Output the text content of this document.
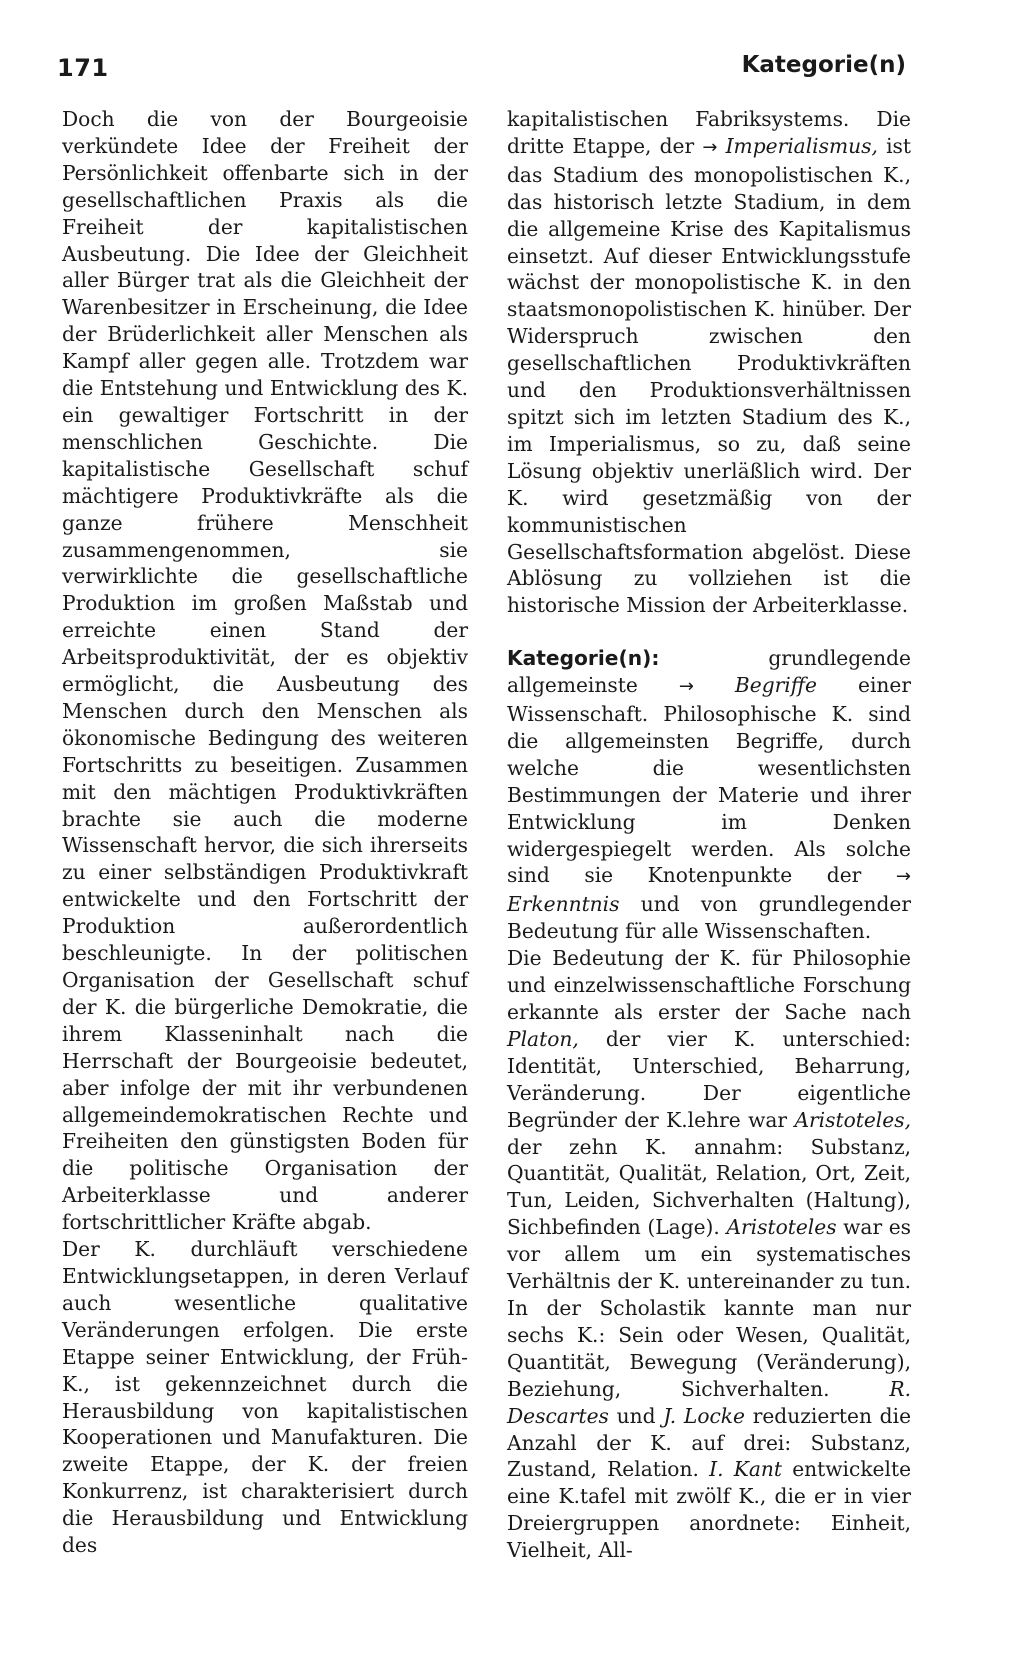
171	Kategorie(n)

Doch die von der Bourgeoisie verkündete Idee der Freiheit der Persönlichkeit offenbarte sich in der gesellschaftlichen Praxis als die Freiheit der kapitalistischen Ausbeutung. Die Idee der Gleichheit aller Bürger trat als die Gleichheit der Warenbesitzer in Erscheinung, die Idee der Brüderlichkeit aller Menschen als Kampf aller gegen alle. Trotzdem war die Entstehung und Entwicklung des K. ein gewaltiger Fortschritt in der menschlichen Geschichte. Die kapitalistische Gesellschaft schuf mächtigere Produktivkräfte als die ganze frühere Menschheit zusammengenommen, sie verwirklichte die gesellschaftliche Produktion im großen Maßstab und erreichte einen Stand der Arbeitsproduktivität, der es objektiv ermöglicht, die Ausbeutung des Menschen durch den Menschen als ökonomische Bedingung des weiteren Fortschritts zu beseitigen. Zusammen mit den mächtigen Produktivkräften brachte sie auch die moderne Wissenschaft hervor, die sich ihrerseits zu einer selbständigen Produktivkraft entwickelte und den Fortschritt der Produktion außerordentlich beschleunigte. In der politischen Organisation der Gesellschaft schuf der K. die bürgerliche Demokratie, die ihrem Klasseninhalt nach die Herrschaft der Bourgeoisie bedeutet, aber infolge der mit ihr verbundenen allgemeindemokratischen Rechte und Freiheiten den günstigsten Boden für die politische Organisation der Arbeiterklasse und anderer fortschrittlicher Kräfte abgab.

Der K. durchläuft verschiedene Entwicklungsetappen, in deren Verlauf auch wesentliche qualitative Veränderungen erfolgen. Die erste Etappe seiner Entwicklung, der Früh-K., ist gekennzeichnet durch die Herausbildung von kapitalistischen Kooperationen und Manufakturen. Die zweite Etappe, der K. der freien Konkurrenz, ist charakterisiert durch die Herausbildung und Entwicklung des

kapitalistischen Fabriksystems. Die dritte Etappe, der → Imperialismus, ist das Stadium des monopolistischen K., das historisch letzte Stadium, in dem die allgemeine Krise des Kapitalismus einsetzt. Auf dieser Entwicklungsstufe wächst der monopolistische K. in den staatsmonopolistischen K. hinüber. Der Widerspruch zwischen den gesellschaftlichen Produktivkräften und den Produktionsverhältnissen spitzt sich im letzten Stadium des K., im Imperialismus, so zu, daß seine Lösung objektiv unerläßlich wird. Der K. wird gesetzmäßig von der kommunistischen Gesellschaftsformation abgelöst. Diese Ablösung zu vollziehen ist die historische Mission der Arbeiterklasse.

Kategorie(n):	grundlegende allgemeinste → Begriffe einer Wissenschaft. Philosophische K. sind die allgemeinsten Begriffe, durch welche die wesentlichsten Bestimmungen der Materie und ihrer Entwicklung im Denken widergespiegelt werden. Als solche sind sie Knotenpunkte der → Erkenntnis und von grundlegender Bedeutung für alle Wissenschaften.

Die Bedeutung der K. für Philosophie und einzelwissenschaftliche Forschung erkannte als erster der Sache nach Platon, der vier K. unterschied: Identität, Unterschied, Beharrung, Veränderung. Der eigentliche Begründer der K.lehre war Aristoteles, der zehn K. annahm: Substanz, Quantität, Qualität, Relation, Ort, Zeit, Tun, Leiden, Sichverhalten (Haltung), Sichbefinden (Lage). Aristoteles war es vor allem um ein systematisches Verhältnis der K. untereinander zu tun. In der Scholastik kannte man nur sechs K.: Sein oder Wesen, Qualität, Quantität, Bewegung (Veränderung), Beziehung, Sichverhalten.	R. Descartes und J. Locke reduzierten die Anzahl der K. auf drei: Substanz, Zustand, Relation. I. Kant entwickelte eine K.tafel mit zwölf K., die er in vier Dreiergruppen anordnete: Einheit, Vielheit, All-
